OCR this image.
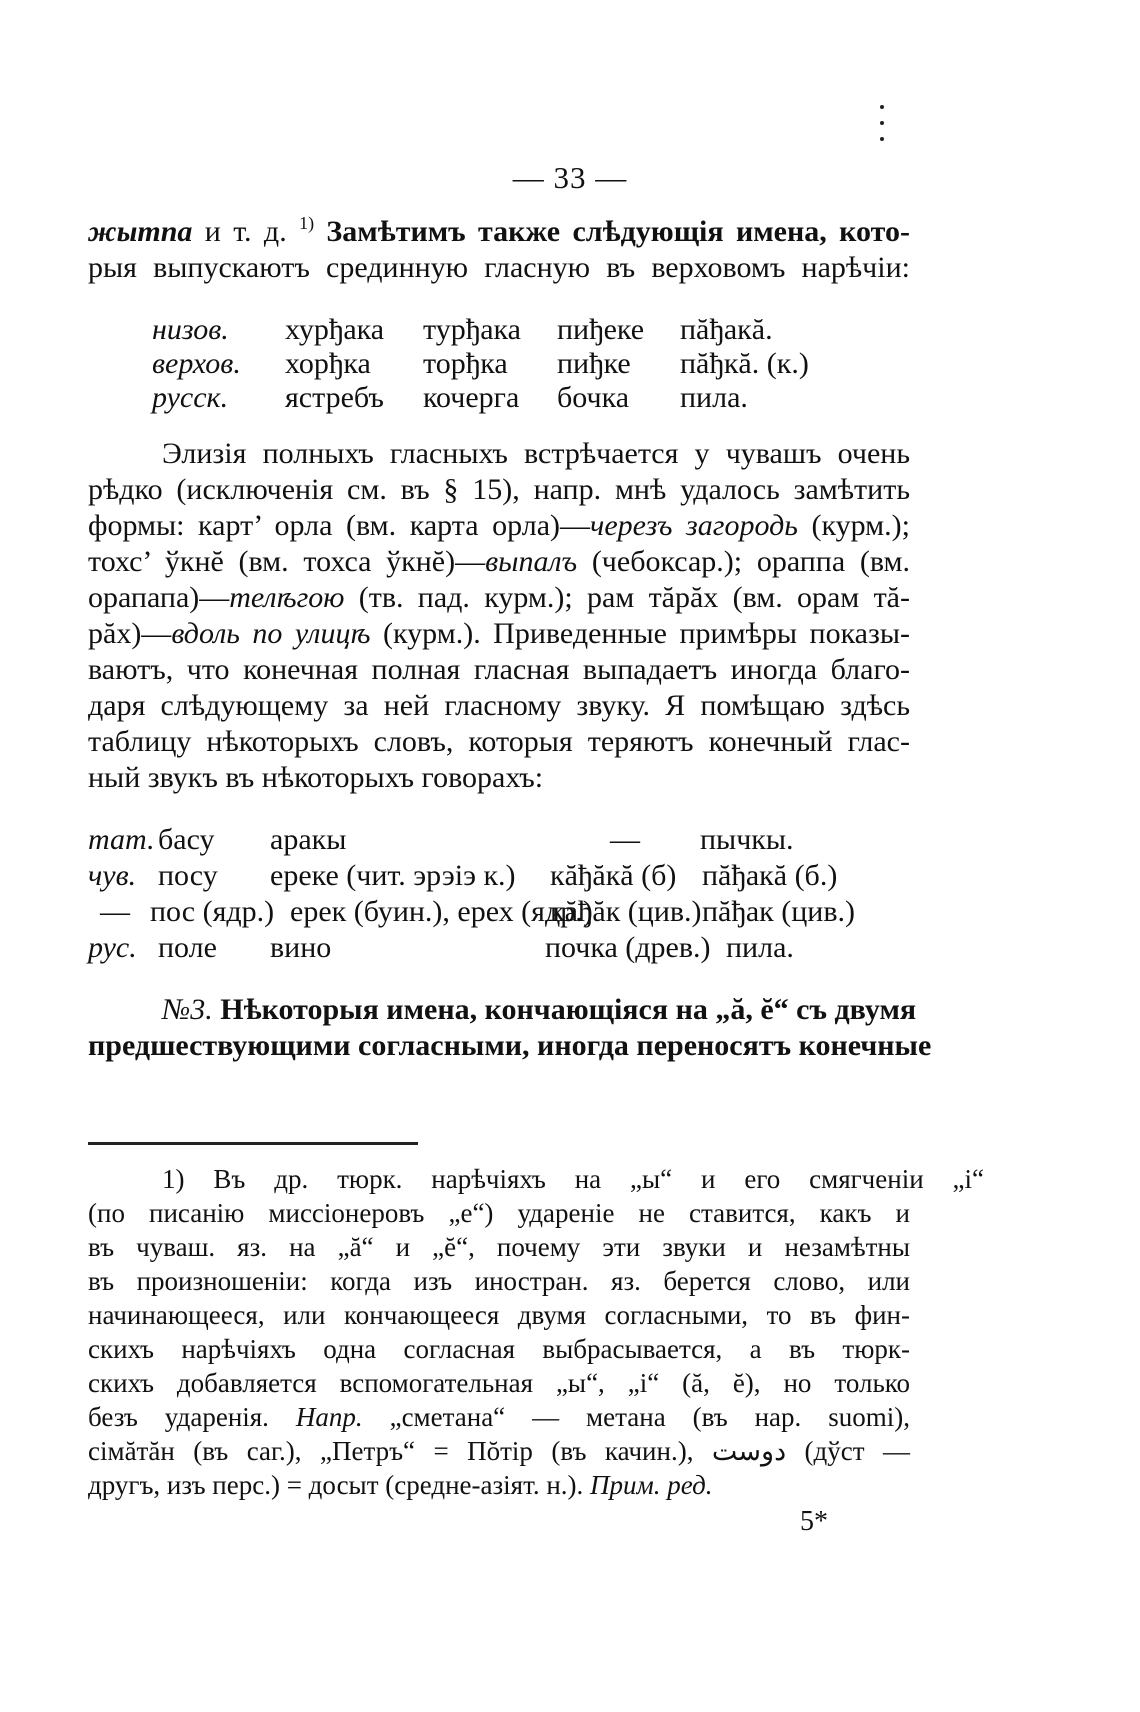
— 33 —
жытпа и т. д. $^{1)}$ Замѣтимъ также слѣдующія имена, кото-
рыя выпускаютъ срединную гласную въ верховомъ нарѣчіи:
низов. хурђака турђака пиђеке пăђакă.
верхов. хорђка торђка пиђке пăђкă. (к.)
русск. ястребъ кочерга бочка пила.
Элизія полныхъ гласныхъ встрѣчается у чувашъ очень
рѣдко (исключенія см. въ § 15), напр. мнѣ удалось замѣтить
формы: карт’ орла (вм. карта орла)—черезъ загородь (курм.);
тохс’ ўкнĕ (вм. тохса ўкнĕ)—выпалъ (чебоксар.); ораппа (вм.
орапапа)—телѣгою (тв. пад. курм.); рам тăрăх (вм. орам тă-
рăх)—вдоль по улицѣ (курм.). Приведенные примѣры показы-
ваютъ, что конечная полная гласная выпадаетъ иногда благо-
даря слѣдующему за ней гласному звуку. Я помѣщаю здѣсь
таблицу нѣкоторыхъ словъ, которыя теряютъ конечный глас-
ный звукъ въ нѣкоторыхъ говорахъ:
тат. басу аракы	— пычкы.
чув. посу ереке (чит. эрэіэ к.) кăђăкă (б) пăђакă (б.)
— пос (ядр.) ерек (буин.), ерех (ядр.)
кăђăк (цив.) пăђак (цив.)
рус. поле вино	почка (древ.) пила.
№3. Нѣкоторыя имена, кончающіяся на „ă, ĕ“ съ двумя
предшествующими согласными, иногда переносятъ конечные
1) Въ др. тюрк. нарѣчіяхъ на „ы“ и его смягченіи „і“
(по писанію миссіонеровъ „е“) удареніе не ставится, какъ и
въ чуваш. яз. на „ă“ и „ĕ“, почему эти звуки и незамѣтны
въ произношеніи: когда изъ иностран. яз. берется слово, или
начинающееся, или кончающееся двумя согласными, то въ фин-
скихъ нарѣчіяхъ одна согласная выбрасывается, а въ тюрк-
скихъ добавляется вспомогательная „ы“, „і“ (ă, ĕ), но только
безъ ударенія. Напр. „сметана“ — метана (въ нар. suomi),
сімăтăн (въ саг.), „Петръ“ = Пŏтір (въ качин.), دوست (дўст —
другъ, изъ перс.) = досыт (средне-азіят. н.). Прим. ред.
5*
